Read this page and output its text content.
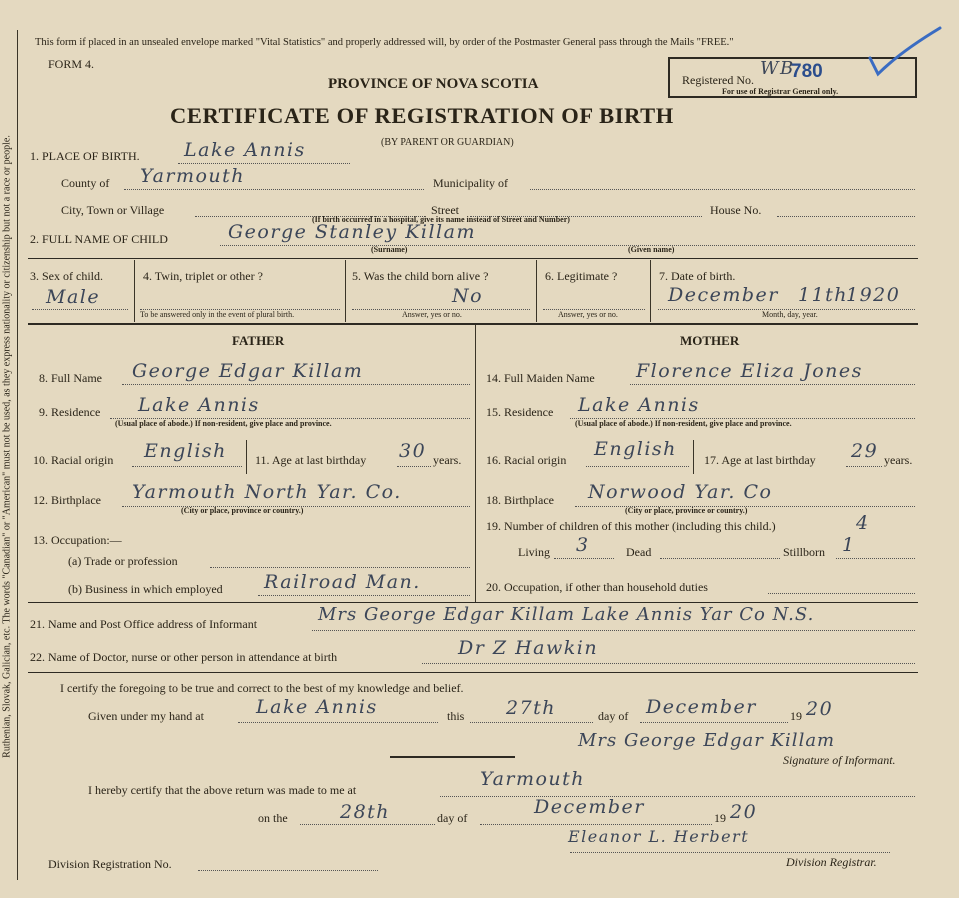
Ruthenian, Slovak, Galician, etc. The words "Canadian" or "American" must not be used, as they express nationality or citizenship but not a race or people.
This form if placed in an unsealed envelope marked "Vital Statistics" and properly addressed will, by order of the Postmaster General pass through the Mails "FREE."
FORM 4.
PROVINCE OF NOVA SCOTIA
CERTIFICATE OF REGISTRATION OF BIRTH
(BY PARENT OR GUARDIAN)
Registered No.
For use of Registrar General only.
WB
780
1. PLACE OF BIRTH. Lake Annis
County of Yarmouth	Municipality of
City, Town or Village	Street	House No.
(If birth occurred in a hospital, give its name instead of Street and Number)
2. FULL NAME OF CHILD	George Stanley Killam
(Surname)	(Given name)
3. Sex of child.
Male
4. Twin, triplet or other ?
To be answered only in the event of plural birth.
5. Was the child born alive ?
No
Answer, yes or no.
6. Legitimate ?
Answer, yes or no.
7. Date of birth.
December 11th
1920
Month, day, year.
FATHER	MOTHER
8. Full Name George Edgar Killam
9. Residence Lake Annis
(Usual place of abode.) If non-resident, give place and province.
10. Racial origin English 11. Age at last birthday 30 years.
12. Birthplace Yarmouth North Yar. Co.
(City or place, province or country.)
13. Occupation:—
(a) Trade or profession
(b) Business in which employed Railroad Man.
14. Full Maiden Name Florence Eliza Jones
15. Residence Lake Annis
(Usual place of abode.) If non-resident, give place and province.
16. Racial origin English 17. Age at last birthday 29 years.
18. Birthplace Norwood Yar. Co
(City or place, province or country.)
19. Number of children of this mother (including this child.)	4
Living 3	Dead	Stillborn 1
20. Occupation, if other than household duties
21. Name and Post Office address of Informant	Mrs George Edgar Killam Lake Annis Yar Co N.S.
22. Name of Doctor, nurse or other person in attendance at birth	Dr Z Hawkin
I certify the foregoing to be true and correct to the best of my knowledge and belief.
Given under my hand at	Lake Annis	this 27th	day of December	19 20
Mrs George Edgar Killam
Signature of Informant.
I hereby certify that the above return was made to me at	Yarmouth
on the	28th	day of	December	19 20
Eleanor L. Herbert
Division Registration No.	Division Registrar.
